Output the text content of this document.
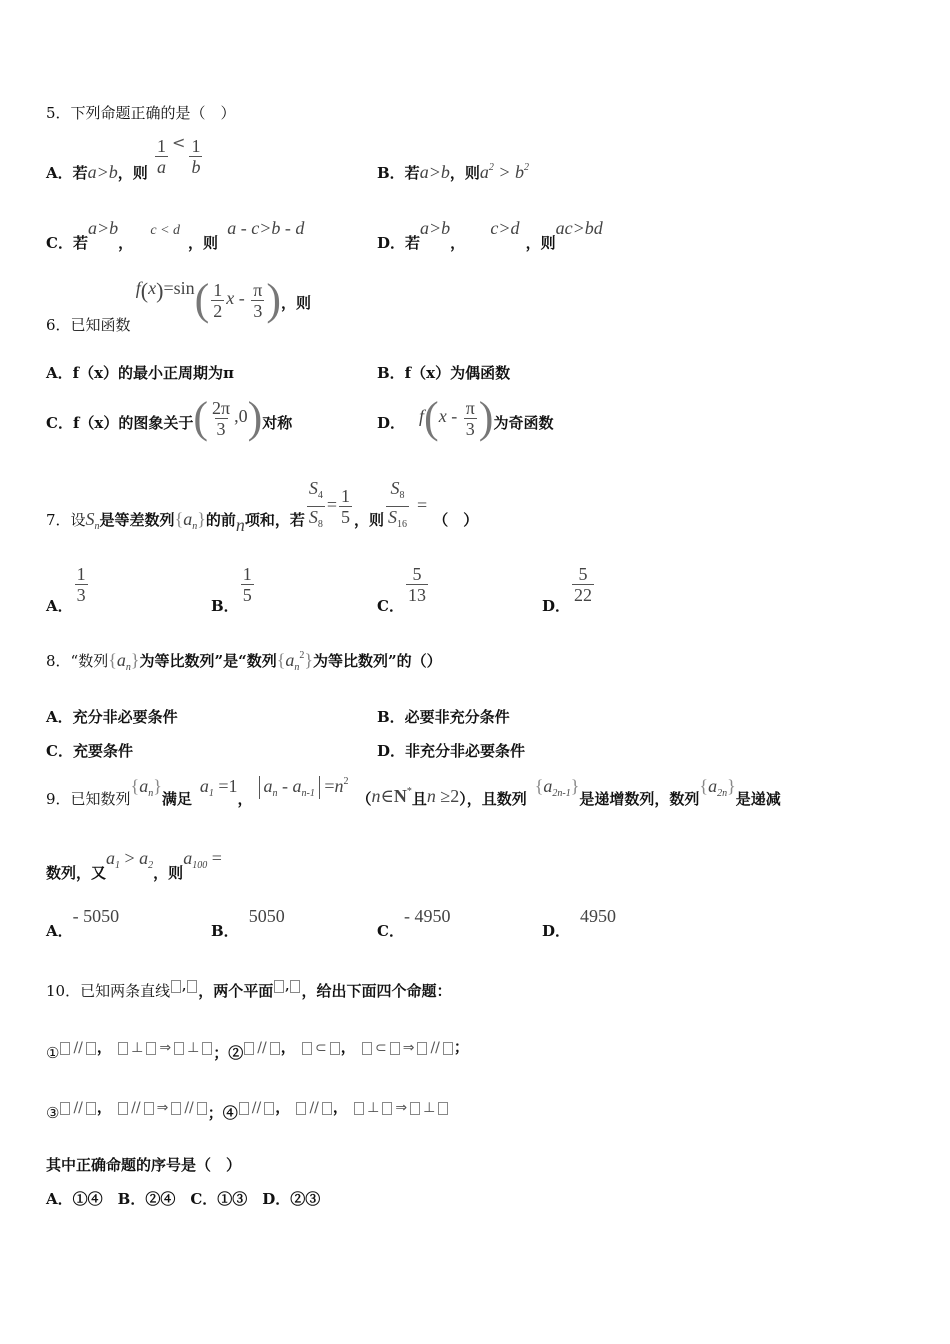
5．下列命题正确的是（　）
A．若a>b，则 $\frac{1}{a} < \frac{1}{b}$	B．若a>b，则$a^2 > b^2$
C．若a>b， c < d，则 a - c>b - d
D．若a>b， c>d，则ac>bd
6．已知函数 $f(x)=\sin( \frac{1}{2}$ x - $\frac{\pi}{3}$ )，则
A．f（x）的最小正周期为π	B．f（x）为偶函数
C．f（x）的图象关于( $\frac{2\pi}{3} ,0$)对称	D． $f(x - \frac{\pi}{3}$ )为奇函数
7．设$S_n$是等差数列$\{a_n\}$的前n项和，若 $\frac{S_4}{S_8} = \frac{1}{5}$ ，则 $\frac{S_8}{S_{16}}$ =（　）
A．
$\frac{1}{3}$
B．
$\frac{1}{5}$
C．
$\frac{5}{13}$
D．
$\frac{5}{22}$
8．“数列$\{a_n\}$为等比数列”是“数列$\{a_n^2\}$为等比数列”的（）
A．充分非必要条件	B．必要非充分条件
C．充要条件	D．非充分非必要条件
9．已知数列$\{a_n\}$满足$a_1 =1$，$a_n - a_{n-1}$ $=n^2(n\in N^*$且n ≥2），且数列$\{a_{2n-1}\}$是递增数列，数列$\{a_{2n}\}$是递减
数列，又$a_1 > a_2$，则$a_{100}$ =
A．- 5050
B．5050
C．- 4950
D．4950
10．已知两条直线 , ，两个平面 , ，给出下面四个命题：
① // ， ⊥ ⇒ ⊥ ；② // ， ⊂ ， ⊂ ⇒ // ；
③ // ， // ⇒ // ；④ // ， // ， ⊥ ⇒ ⊥
其中正确命题的序号是（　）
A．①④　B．②④　C．①③　D．②③
